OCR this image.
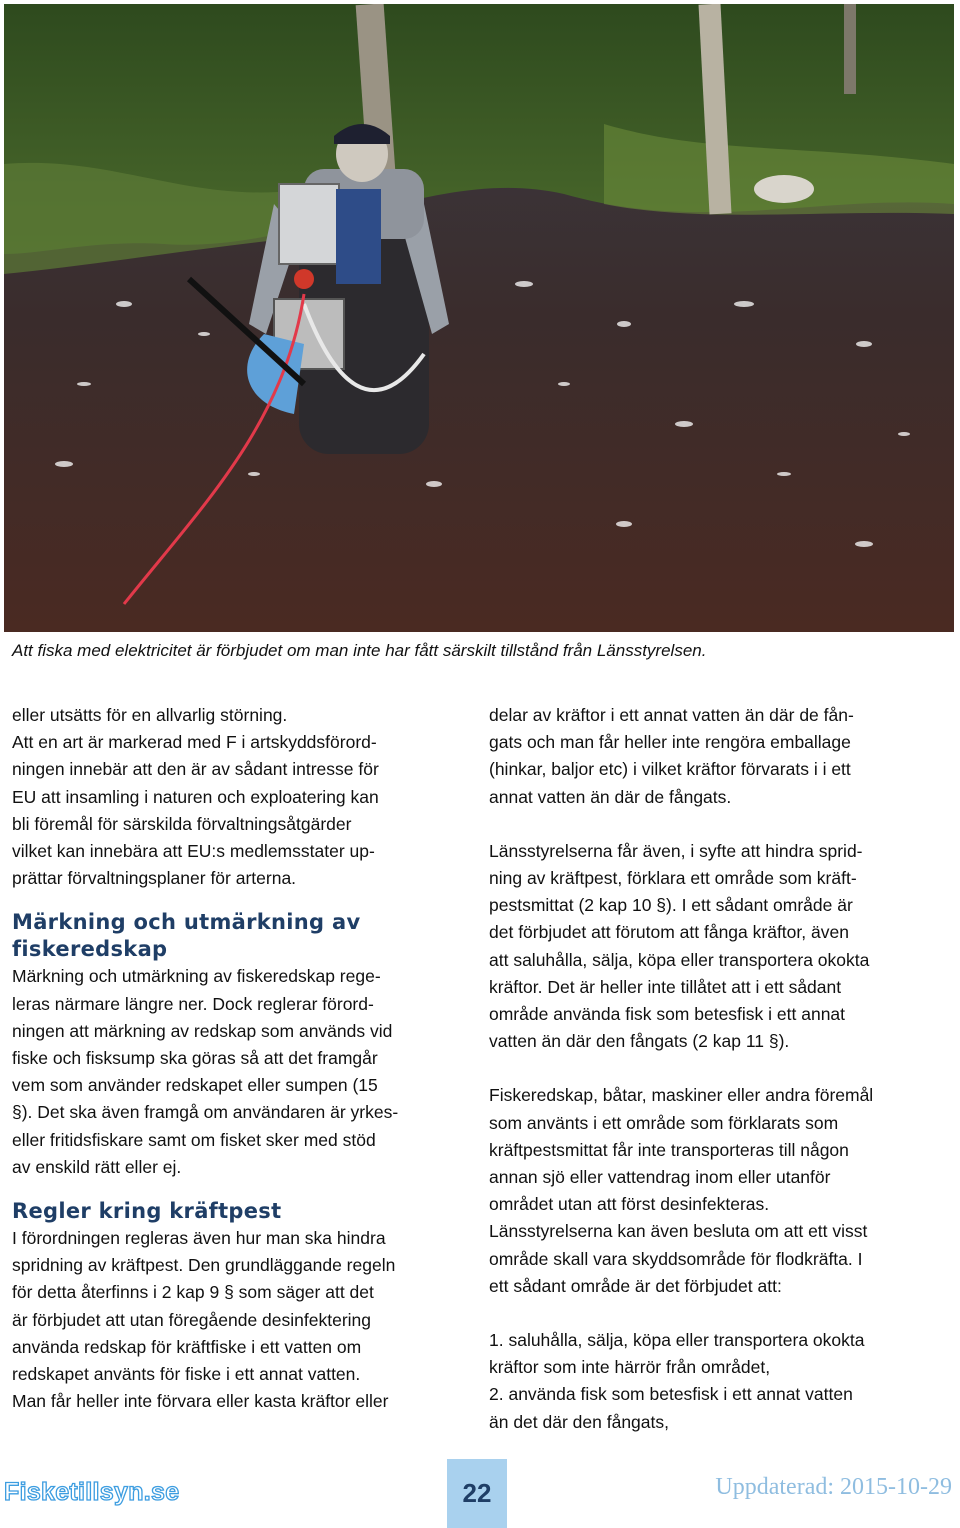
Att fiska med elektricitet är förbjudet om man inte har fått särskilt tillstånd från Länsstyrelsen.

eller utsätts för en allvarlig störning.
Att en art är markerad med F i artskyddsförord-
ningen innebär att den är av sådant intresse för
EU att insamling i naturen och exploatering kan
bli föremål för särskilda förvaltningsåtgärder
vilket kan innebära att EU:s medlemsstater up-
prättar förvaltningsplaner för arterna.

Märkning och utmärkning av
fiskeredskap

Märkning och utmärkning av fiskeredskap rege-
leras närmare längre ner. Dock reglerar förord-
ningen att märkning av redskap som används vid
fiske och fisksump ska göras så att det framgår
vem som använder redskapet eller sumpen (15
§). Det ska även framgå om användaren är yrkes-
eller fritidsfiskare samt om fisket sker med stöd
av enskild rätt eller ej.

Regler kring kräftpest

I förordningen regleras även hur man ska hindra
spridning av kräftpest. Den grundläggande regeln
för detta återfinns i 2 kap 9 § som säger att det
är förbjudet att utan föregående desinfektering
använda redskap för kräftfiske i ett vatten om
redskapet använts för fiske i ett annat vatten.
Man får heller inte förvara eller kasta kräftor eller

delar av kräftor i ett annat vatten än där de fån-
gats och man får heller inte rengöra emballage
(hinkar, baljor etc) i vilket kräftor förvarats i i ett
annat vatten än där de fångats.

Länsstyrelserna får även, i syfte att hindra sprid-
ning av kräftpest, förklara ett område som kräft-
pestsmittat (2 kap 10 §). I ett sådant område är
det förbjudet att förutom att fånga kräftor, även
att saluhålla, sälja, köpa eller transportera okokta
kräftor. Det är heller inte tillåtet att i ett sådant
område använda fisk som betesfisk i ett annat
vatten än där den fångats (2 kap 11 §).

Fiskeredskap, båtar, maskiner eller andra föremål
som använts i ett område som förklarats som
kräftpestsmittat får inte transporteras till någon
annan sjö eller vattendrag inom eller utanför
området utan att först desinfekteras.
Länsstyrelserna kan även besluta om att ett visst
område skall vara skyddsområde för flodkräfta. I
ett sådant område är det förbjudet att:

1. saluhålla, sälja, köpa eller transportera okokta
kräftor som inte härrör från området,
2. använda fisk som betesfisk i ett annat vatten
än det där den fångats,

Fisketillsyn.se	22	Uppdaterad: 2015-10-29
